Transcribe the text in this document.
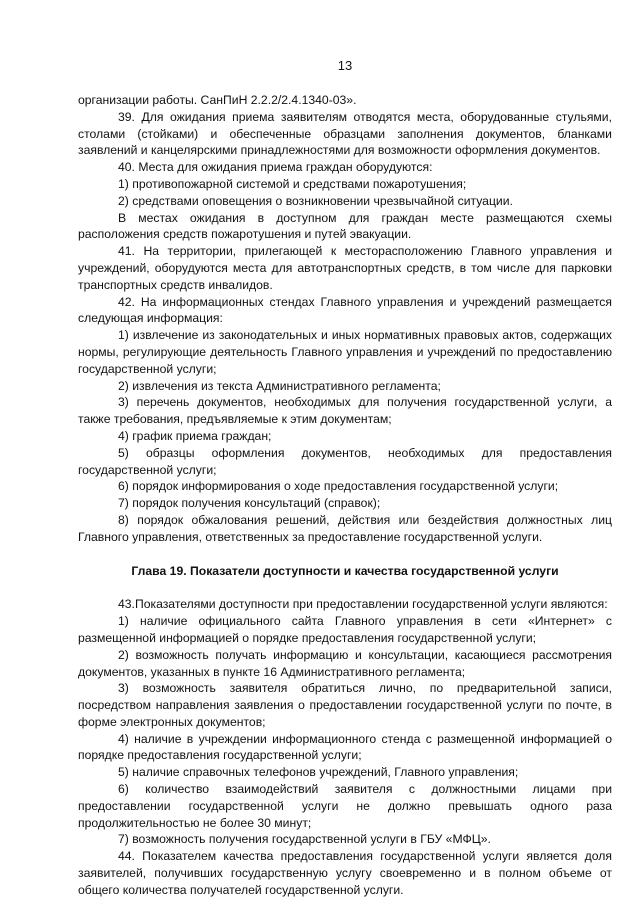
13

организации работы. СанПиН 2.2.2/2.4.1340-03».

39. Для ожидания приема заявителям отводятся места, оборудованные стульями, столами (стойками) и обеспеченные образцами заполнения документов, бланками заявлений и канцелярскими принадлежностями для возможности оформления документов.

40. Места для ожидания приема граждан оборудуются:

1) противопожарной системой и средствами пожаротушения;

2) средствами оповещения о возникновении чрезвычайной ситуации.

В местах ожидания в доступном для граждан месте размещаются схемы расположения средств пожаротушения и путей эвакуации.

41. На территории, прилегающей к месторасположению Главного управления и учреждений, оборудуются места для автотранспортных средств, в том числе для парковки транспортных средств инвалидов.

42. На информационных стендах Главного управления и учреждений размещается следующая информация:

1) извлечение из законодательных и иных нормативных правовых актов, содержащих нормы, регулирующие деятельность Главного управления и учреждений по предоставлению государственной услуги;

2) извлечения из текста Административного регламента;

3) перечень документов, необходимых для получения государственной услуги, а также требования, предъявляемые к этим документам;

4) график приема граждан;

5) образцы оформления документов, необходимых для предоставления государственной услуги;

6) порядок информирования о ходе предоставления государственной услуги;

7) порядок получения консультаций (справок);

8) порядок обжалования решений, действия или бездействия должностных лиц Главного управления, ответственных за предоставление государственной услуги.

Глава 19. Показатели доступности и качества государственной услуги

43.Показателями доступности при предоставлении государственной услуги являются:

1) наличие официального сайта Главного управления в сети «Интернет» с размещенной информацией о порядке предоставления государственной услуги;

2) возможность получать информацию и консультации, касающиеся рассмотрения документов, указанных в пункте 16 Административного регламента;

3) возможность заявителя обратиться лично, по предварительной записи, посредством направления заявления о предоставлении государственной услуги по почте, в форме электронных документов;

4) наличие в учреждении информационного стенда с размещенной информацией о порядке предоставления государственной услуги;

5) наличие справочных телефонов учреждений, Главного управления;

6) количество взаимодействий заявителя с должностными лицами при предоставлении государственной услуги не должно превышать одного раза продолжительностью не более 30 минут;

7) возможность получения государственной услуги в ГБУ «МФЦ».

44. Показателем качества предоставления государственной услуги является доля заявителей, получивших государственную услугу своевременно и в полном объеме от общего количества получателей государственной услуги.
